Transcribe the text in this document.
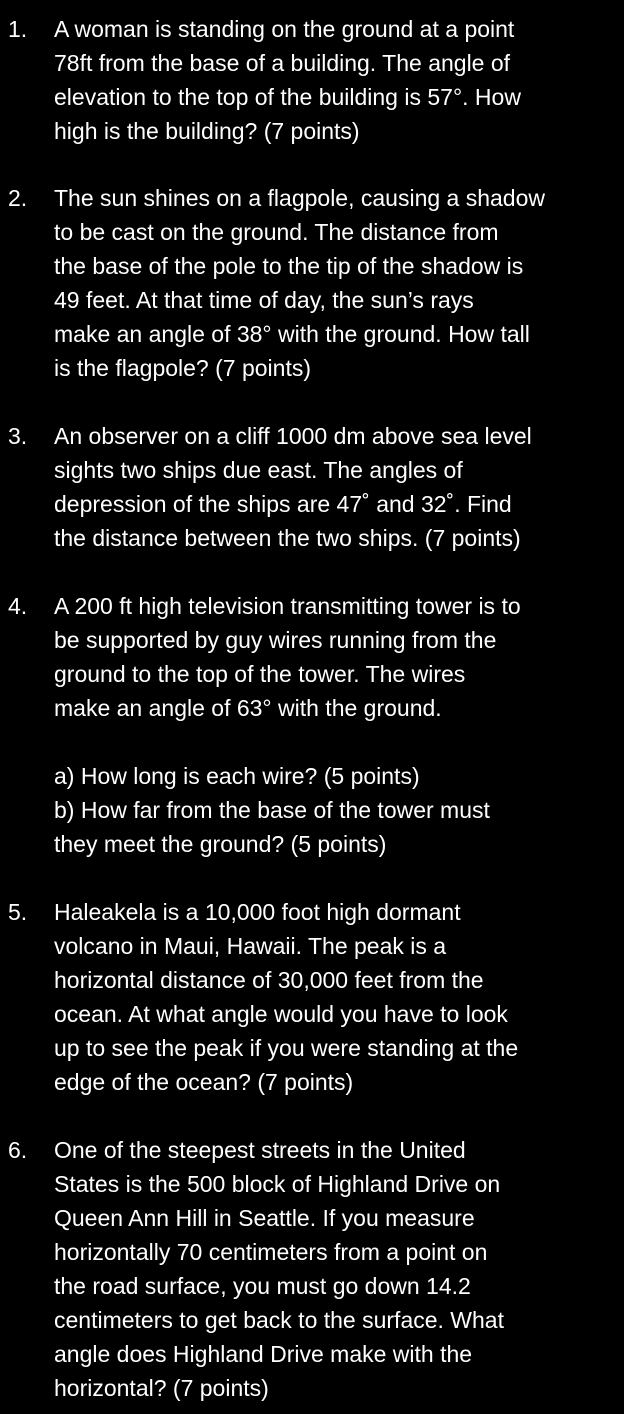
1.	A woman is standing on the ground at a point
78ft from the base of a building. The angle of
elevation to the top of the building is 57°. How
high is the building? (7 points)
2.	The sun shines on a flagpole, causing a shadow
to be cast on the ground. The distance from
the base of the pole to the tip of the shadow is
49 feet. At that time of day, the sun’s rays
make an angle of 38° with the ground. How tall
is the flagpole? (7 points)
3.	An observer on a cliff 1000 dm above sea level
sights two ships due east. The angles of
depression of the ships are 47˚ and 32˚. Find
the distance between the two ships. (7 points)
4.	A 200 ft high television transmitting tower is to
be supported by guy wires running from the
ground to the top of the tower. The wires
make an angle of 63° with the ground.
a) How long is each wire? (5 points)
b) How far from the base of the tower must
they meet the ground? (5 points)
5.	Haleakela is a 10,000 foot high dormant
volcano in Maui, Hawaii. The peak is a
horizontal distance of 30,000 feet from the
ocean. At what angle would you have to look
up to see the peak if you were standing at the
edge of the ocean? (7 points)
6.	One of the steepest streets in the United
States is the 500 block of Highland Drive on
Queen Ann Hill in Seattle. If you measure
horizontally 70 centimeters from a point on
the road surface, you must go down 14.2
centimeters to get back to the surface. What
angle does Highland Drive make with the
horizontal? (7 points)
